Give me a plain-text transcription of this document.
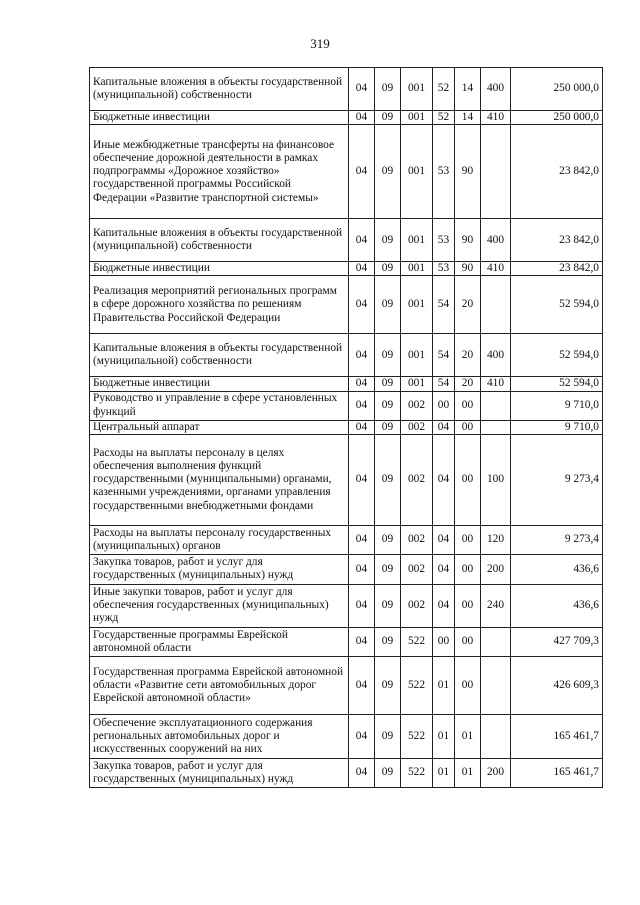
319
Капитальные вложения в объекты государственной (муниципальной) собственности	04	09	001	52	14	400	250 000,0
Бюджетные инвестиции	04	09	001	52	14	410	250 000,0
Иные межбюджетные трансферты на финансовое обеспечение дорожной деятельности в рамках подпрограммы «Дорожное хозяйство» государственной программы Российской Федерации «Развитие транспортной системы»	04	09	001	53	90		23 842,0
Капитальные вложения в объекты государственной (муниципальной) собственности	04	09	001	53	90	400	23 842,0
Бюджетные инвестиции	04	09	001	53	90	410	23 842,0
Реализация мероприятий региональных программ в сфере дорожного хозяйства по решениям Правительства Российской Федерации	04	09	001	54	20		52 594,0
Капитальные вложения в объекты государственной (муниципальной) собственности	04	09	001	54	20	400	52 594,0
Бюджетные инвестиции	04	09	001	54	20	410	52 594,0
Руководство и управление в сфере установленных функций	04	09	002	00	00		9 710,0
Центральный аппарат	04	09	002	04	00		9 710,0
Расходы на выплаты персоналу в целях обеспечения выполнения функций государственными (муниципальными) органами, казенными учреждениями, органами управления государственными внебюджетными фондами	04	09	002	04	00	100	9 273,4
Расходы на выплаты персоналу государственных (муниципальных) органов	04	09	002	04	00	120	9 273,4
Закупка товаров, работ и услуг для государственных (муниципальных) нужд	04	09	002	04	00	200	436,6
Иные закупки товаров, работ и услуг для обеспечения государственных (муниципальных) нужд	04	09	002	04	00	240	436,6
Государственные программы Еврейской автономной области	04	09	522	00	00		427 709,3
Государственная программа Еврейской автономной области «Развитие сети автомобильных дорог Еврейской автономной области»	04	09	522	01	00		426 609,3
Обеспечение эксплуатационного содержания региональных автомобильных дорог и искусственных сооружений на них	04	09	522	01	01		165 461,7
Закупка товаров, работ и услуг для государственных (муниципальных) нужд	04	09	522	01	01	200	165 461,7
